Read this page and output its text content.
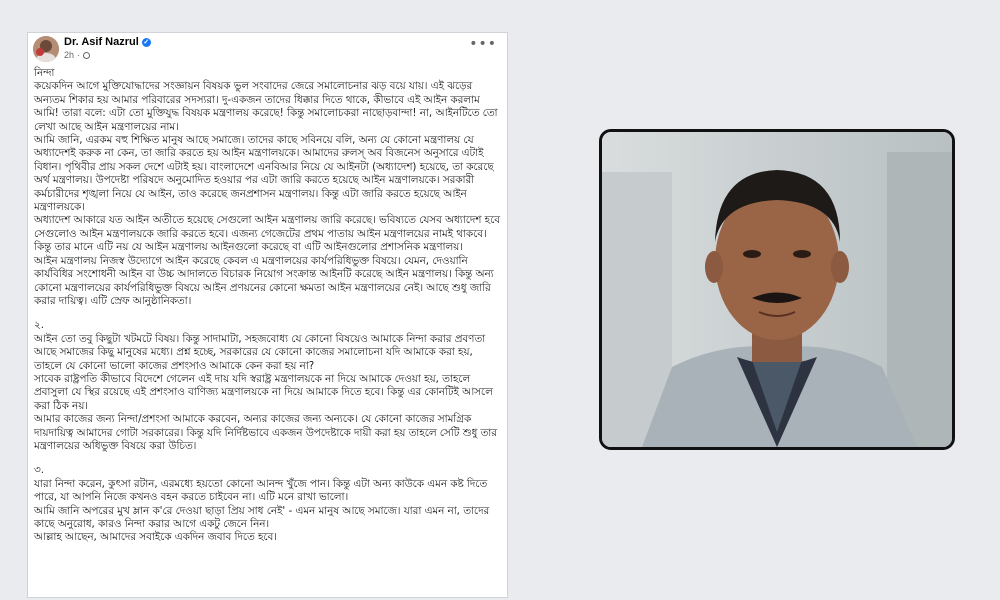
Dr. Asif Nazrul ✓
2h ·
•••

নিন্দা

কয়েকদিন আগে মুক্তিযোদ্ধাদের সংজ্ঞায়ন বিষয়ক ভুল সংবাদের জেরে সমালোচনার ঝড় বয়ে যায়। এই ঝড়ের অন্যতম শিকার হয় আমার পরিবারের সদস্যরা। দু-একজন তাদের ধিক্কার দিতে থাকে, কীভাবে এই আইন করলাম আমি! তারা বলে: এটা তো মুক্তিযুদ্ধ বিষয়ক মন্ত্রণালয় করেছে! কিন্তু সমালোচকরা নাছোড়বান্দা! না, আইনটিতে তো লেখা আছে আইন মন্ত্রণালয়ের নাম।

আমি জানি, এরকম বহু শিক্ষিত মানুষ আছে সমাজে। তাদের কাছে সবিনয়ে বলি, অন্য যে কোনো মন্ত্রণালয় যে অধ্যাদেশই করুক না কেন, তা জারি করতে হয় আইন মন্ত্রণালয়কে। আমাদের রুলস্ অব বিজনেস অনুসারে এটাই বিধান। পৃথিবীর প্রায় সকল দেশে এটাই হয়। বাংলাদেশে এনবিআর নিয়ে যে আইনটা (অধ্যাদেশ) হয়েছে, তা করেছে অর্থ মন্ত্রণালয়। উপদেষ্টা পরিষদে অনুমোদিত হওয়ার পর এটা জারি করতে হয়েছে আইন মন্ত্রণালয়কে। সরকারী কর্মচারীদের শৃঙ্খলা নিয়ে যে আইন, তাও করেছে জনপ্রশাসন মন্ত্রণালয়। কিন্তু এটা জারি করতে হয়েছে আইন মন্ত্রণালয়কে।

অধ্যাদেশ আকারে যত আইন অতীতে হয়েছে সেগুলো আইন মন্ত্রণালয় জারি করেছে। ভবিষ্যতে যেসব অধ্যাদেশ হবে সেগুলোও আইন মন্ত্রণালয়কে জারি করতে হবে। এজন্য গেজেটের প্রথম পাতায় আইন মন্ত্রণালয়ের নামই থাকবে। কিন্তু তার মানে এটি নয় যে আইন মন্ত্রণালয় আইনগুলো করেছে বা এটি আইনগুলোর প্রশাসনিক মন্ত্রণালয়।

আইন মন্ত্রণালয় নিজস্ব উদ্যোগে আইন করেছে কেবল এ মন্ত্রণালয়ের কার্যপরিধিভুক্ত বিষয়ে। যেমন, দেওয়ানি কার্যবিধির সংশোধনী আইন বা উচ্চ আদালতে বিচারক নিয়োগ সংক্রান্ত আইনটি করেছে আইন মন্ত্রণালয়। কিন্তু অন্য কোনো মন্ত্রণালয়ের কার্যপরিধিভুক্ত বিষয়ে আইন প্রণয়নের কোনো ক্ষমতা আইন মন্ত্রণালয়ের নেই। আছে শুধু জারি করার দায়িত্ব। এটি স্রেফ আনুষ্ঠানিকতা।

২.

আইন তো তবু কিছুটা খটমটে বিষয়। কিন্তু সাদামাটা, সহজবোধ্য যে কোনো বিষয়েও আমাকে নিন্দা করার প্রবণতা আছে সমাজের কিছু মানুষের মধ্যে। প্রশ্ন হচ্ছে, সরকারের যে কোনো কাজের সমালোচনা যদি আমাকে করা হয়, তাহলে যে কোনো ভালো কাজের প্রশংসাও আমাকে কেন করা হয় না?

সাবেক রাষ্ট্রপতি কীভাবে বিদেশে গেলেন এই দায় যদি স্বরাষ্ট্র মন্ত্রণালয়কে না দিয়ে আমাকে দেওয়া হয়, তাহলে প্রবাসুলা যে স্থির রয়েছে এই প্রশংসাও বাণিজ্য মন্ত্রণালয়কে না দিয়ে আমাকে দিতে হবে। কিন্তু এর কোনটিই আসলে করা ঠিক নয়।

আমার কাজের জন্য নিন্দা/প্রশংসা আমাকে করবেন, অন্যর কাজের জন্য অন্যকে। যে কোনো কাজের সামগ্রিক দায়দায়িত্ব আমাদের গোটা সরকারের। কিন্তু যদি নির্দিষ্টভাবে একজন উপদেষ্টাকে দায়ী করা হয় তাহলে সেটি শুধু তার মন্ত্রণালয়ের অধিভুক্ত বিষয়ে করা উচিত।

৩.

যারা নিন্দা করেন, কুৎসা রটান, এরমধ্যে হয়তো কোনো আনন্দ খুঁজে পান। কিন্তু এটা অন্য কাউকে এমন কষ্ট দিতে পারে, যা আপনি নিজে কখনও বহন করতে চাইবেন না। এটি মনে রাখা ভালো।

আমি জানি অপরের মুখ ম্লান ক'রে দেওয়া ছাড়া প্রিয় সাধ নেই' - এমন মানুষ আছে সমাজে। যারা এমন না, তাদের কাছে অনুরোধ, কারও নিন্দা করার আগে একটু জেনে নিন।

আল্লাহ আছেন, আমাদের সবাইকে একদিন জবাব দিতে হবে।
